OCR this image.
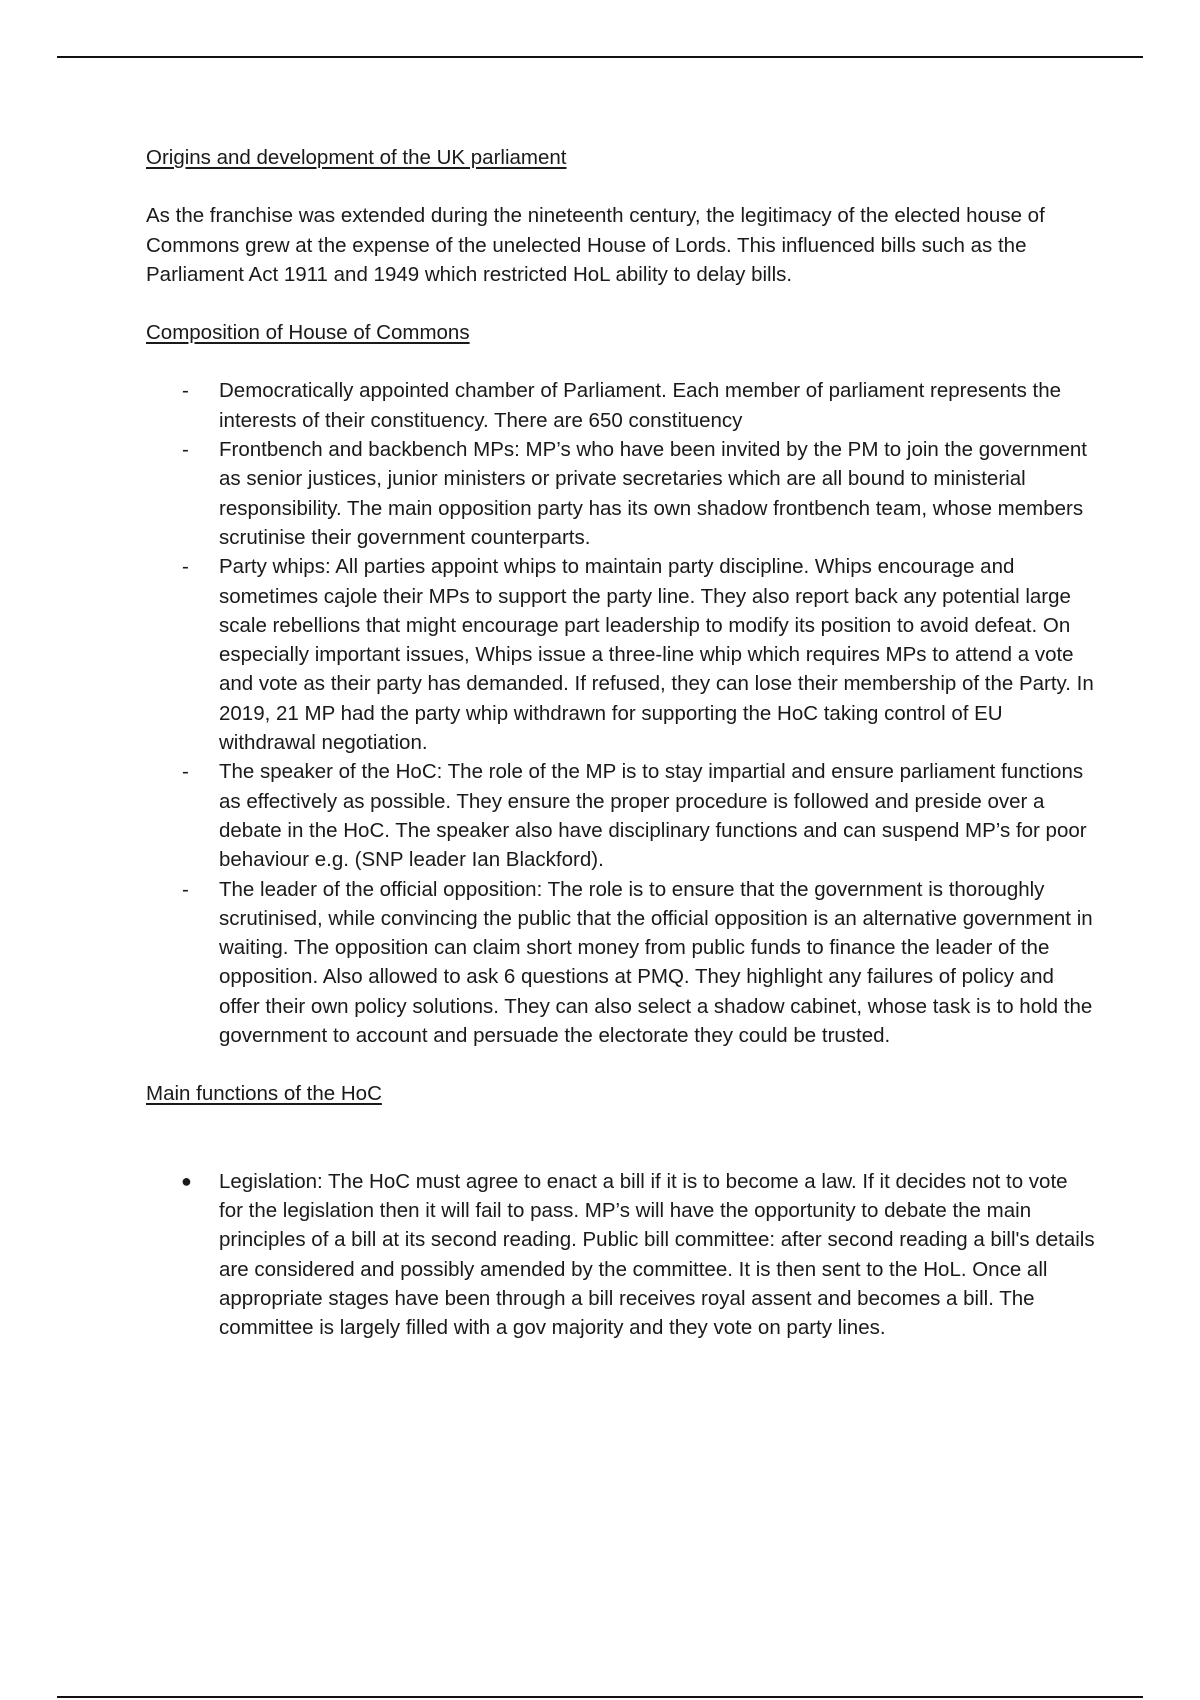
Origins and development of the UK parliament

As the franchise was extended during the nineteenth century, the legitimacy of the elected house of Commons grew at the expense of the unelected House of Lords. This influenced bills such as the Parliament Act 1911 and 1949 which restricted HoL ability to delay bills.

Composition of House of Commons
- Democratically appointed chamber of Parliament. Each member of parliament represents the interests of their constituency. There are 650 constituency
- Frontbench and backbench MPs: MP’s who have been invited by the PM to join the government as senior justices, junior ministers or private secretaries which are all bound to ministerial responsibility. The main opposition party has its own shadow frontbench team, whose members scrutinise their government counterparts.
- Party whips: All parties appoint whips to maintain party discipline. Whips encourage and sometimes cajole their MPs to support the party line. They also report back any potential large scale rebellions that might encourage part leadership to modify its position to avoid defeat. On especially important issues, Whips issue a three-line whip which requires MPs to attend a vote and vote as their party has demanded. If refused, they can lose their membership of the Party. In 2019, 21 MP had the party whip withdrawn for supporting the HoC taking control of EU withdrawal negotiation.
- The speaker of the HoC: The role of the MP is to stay impartial and ensure parliament functions as effectively as possible. They ensure the proper procedure is followed and preside over a debate in the HoC. The speaker also have disciplinary functions and can suspend MP’s for poor behaviour e.g. (SNP leader Ian Blackford).
- The leader of the official opposition: The role is to ensure that the government is thoroughly scrutinised, while convincing the public that the official opposition is an alternative government in waiting. The opposition can claim short money from public funds to finance the leader of the opposition. Also allowed to ask 6 questions at PMQ. They highlight any failures of policy and offer their own policy solutions. They can also select a shadow cabinet, whose task is to hold the government to account and persuade the electorate they could be trusted.
Main functions of the HoC
● Legislation: The HoC must agree to enact a bill if it is to become a law. If it decides not to vote for the legislation then it will fail to pass. MP’s will have the opportunity to debate the main principles of a bill at its second reading. Public bill committee: after second reading a bill's details are considered and possibly amended by the committee. It is then sent to the HoL. Once all appropriate stages have been through a bill receives royal assent and becomes a bill. The committee is largely filled with a gov majority and they vote on party lines.
